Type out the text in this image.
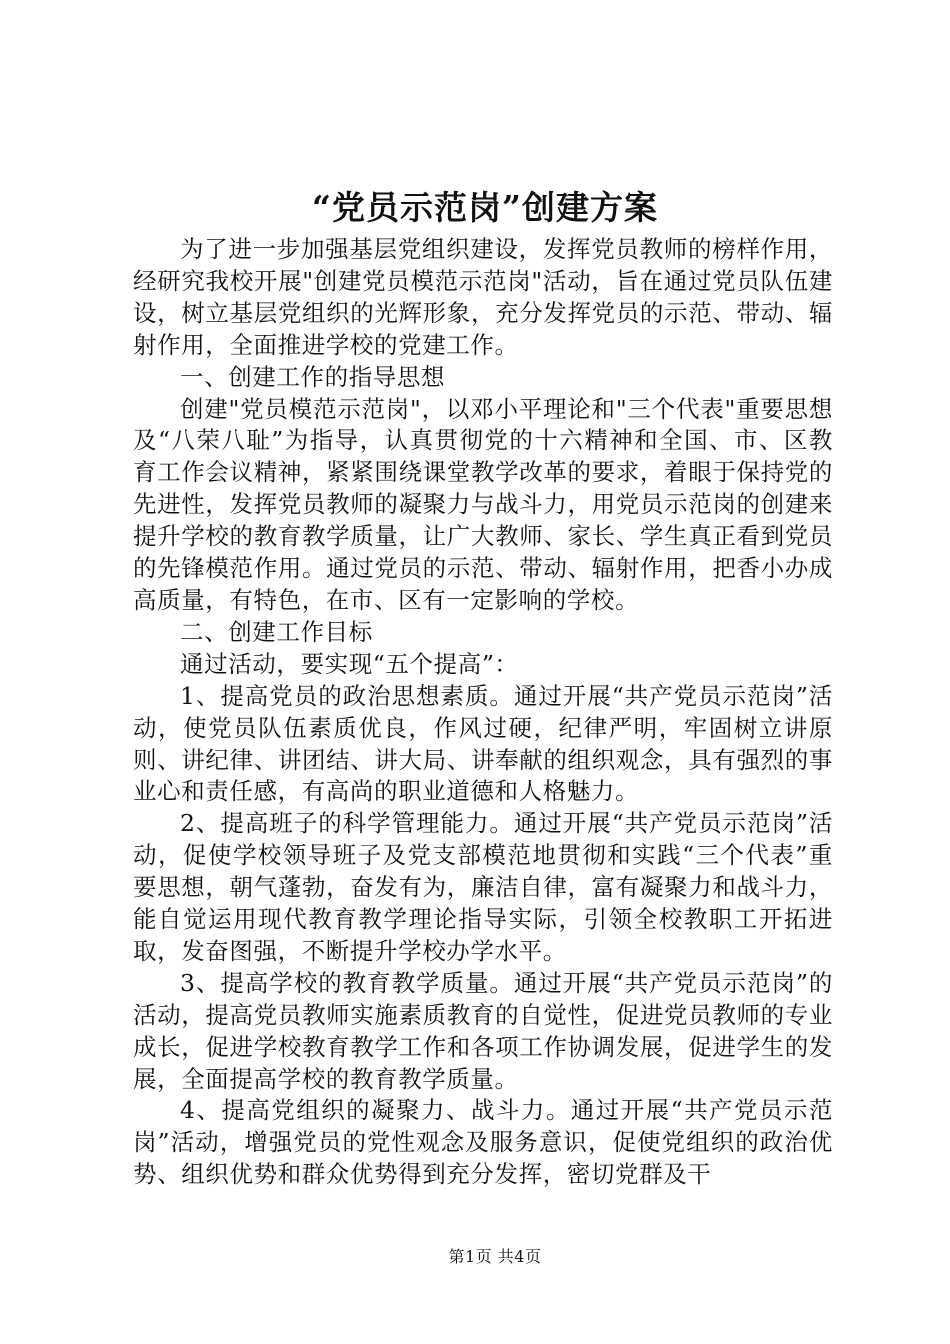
“党员示范岗”创建方案

为了进一步加强基层党组织建设，发挥党员教师的榜样作用，经研究我校开展"创建党员模范示范岗"活动，旨在通过党员队伍建设，树立基层党组织的光辉形象，充分发挥党员的示范、带动、辐射作用，全面推进学校的党建工作。

一、创建工作的指导思想

创建"党员模范示范岗"，以邓小平理论和"三个代表"重要思想及“八荣八耻”为指导，认真贯彻党的十六精神和全国、市、区教育工作会议精神，紧紧围绕课堂教学改革的要求，着眼于保持党的先进性，发挥党员教师的凝聚力与战斗力，用党员示范岗的创建来提升学校的教育教学质量，让广大教师、家长、学生真正看到党员的先锋模范作用。通过党员的示范、带动、辐射作用，把香小办成高质量，有特色，在市、区有一定影响的学校。

二、创建工作目标

通过活动，要实现“五个提高”：

1、提高党员的政治思想素质。通过开展“共产党员示范岗”活动，使党员队伍素质优良，作风过硬，纪律严明，牢固树立讲原则、讲纪律、讲团结、讲大局、讲奉献的组织观念，具有强烈的事业心和责任感，有高尚的职业道德和人格魅力。

2、提高班子的科学管理能力。通过开展“共产党员示范岗”活动，促使学校领导班子及党支部模范地贯彻和实践“三个代表”重要思想，朝气蓬勃，奋发有为，廉洁自律，富有凝聚力和战斗力，能自觉运用现代教育教学理论指导实际，引领全校教职工开拓进取，发奋图强，不断提升学校办学水平。

3、提高学校的教育教学质量。通过开展“共产党员示范岗”的活动，提高党员教师实施素质教育的自觉性，促进党员教师的专业成长，促进学校教育教学工作和各项工作协调发展，促进学生的发展，全面提高学校的教育教学质量。

4、提高党组织的凝聚力、战斗力。通过开展“共产党员示范岗”活动，增强党员的党性观念及服务意识，促使党组织的政治优势、组织优势和群众优势得到充分发挥，密切党群及干

第1页 共4页
